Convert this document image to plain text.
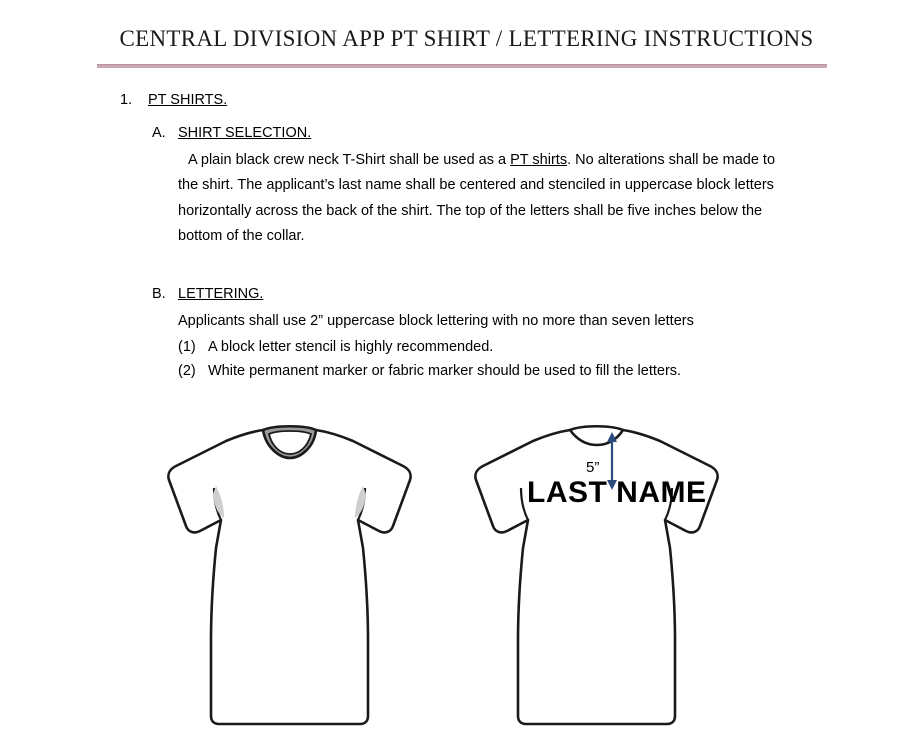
CENTRAL DIVISION APP PT SHIRT / LETTERING INSTRUCTIONS
1. PT SHIRTS.
A. SHIRT SELECTION.
A plain black crew neck T-Shirt shall be used as a PT shirts. No alterations shall be made to the shirt. The applicant’s last name shall be centered and stenciled in uppercase block letters horizontally across the back of the shirt. The top of the letters shall be five inches below the bottom of the collar.
B. LETTERING.
Applicants shall use 2” uppercase block lettering with no more than seven letters
(1) A block letter stencil is highly recommended.
(2) White permanent marker or fabric marker should be used to fill the letters.
5”
LAST NAME
